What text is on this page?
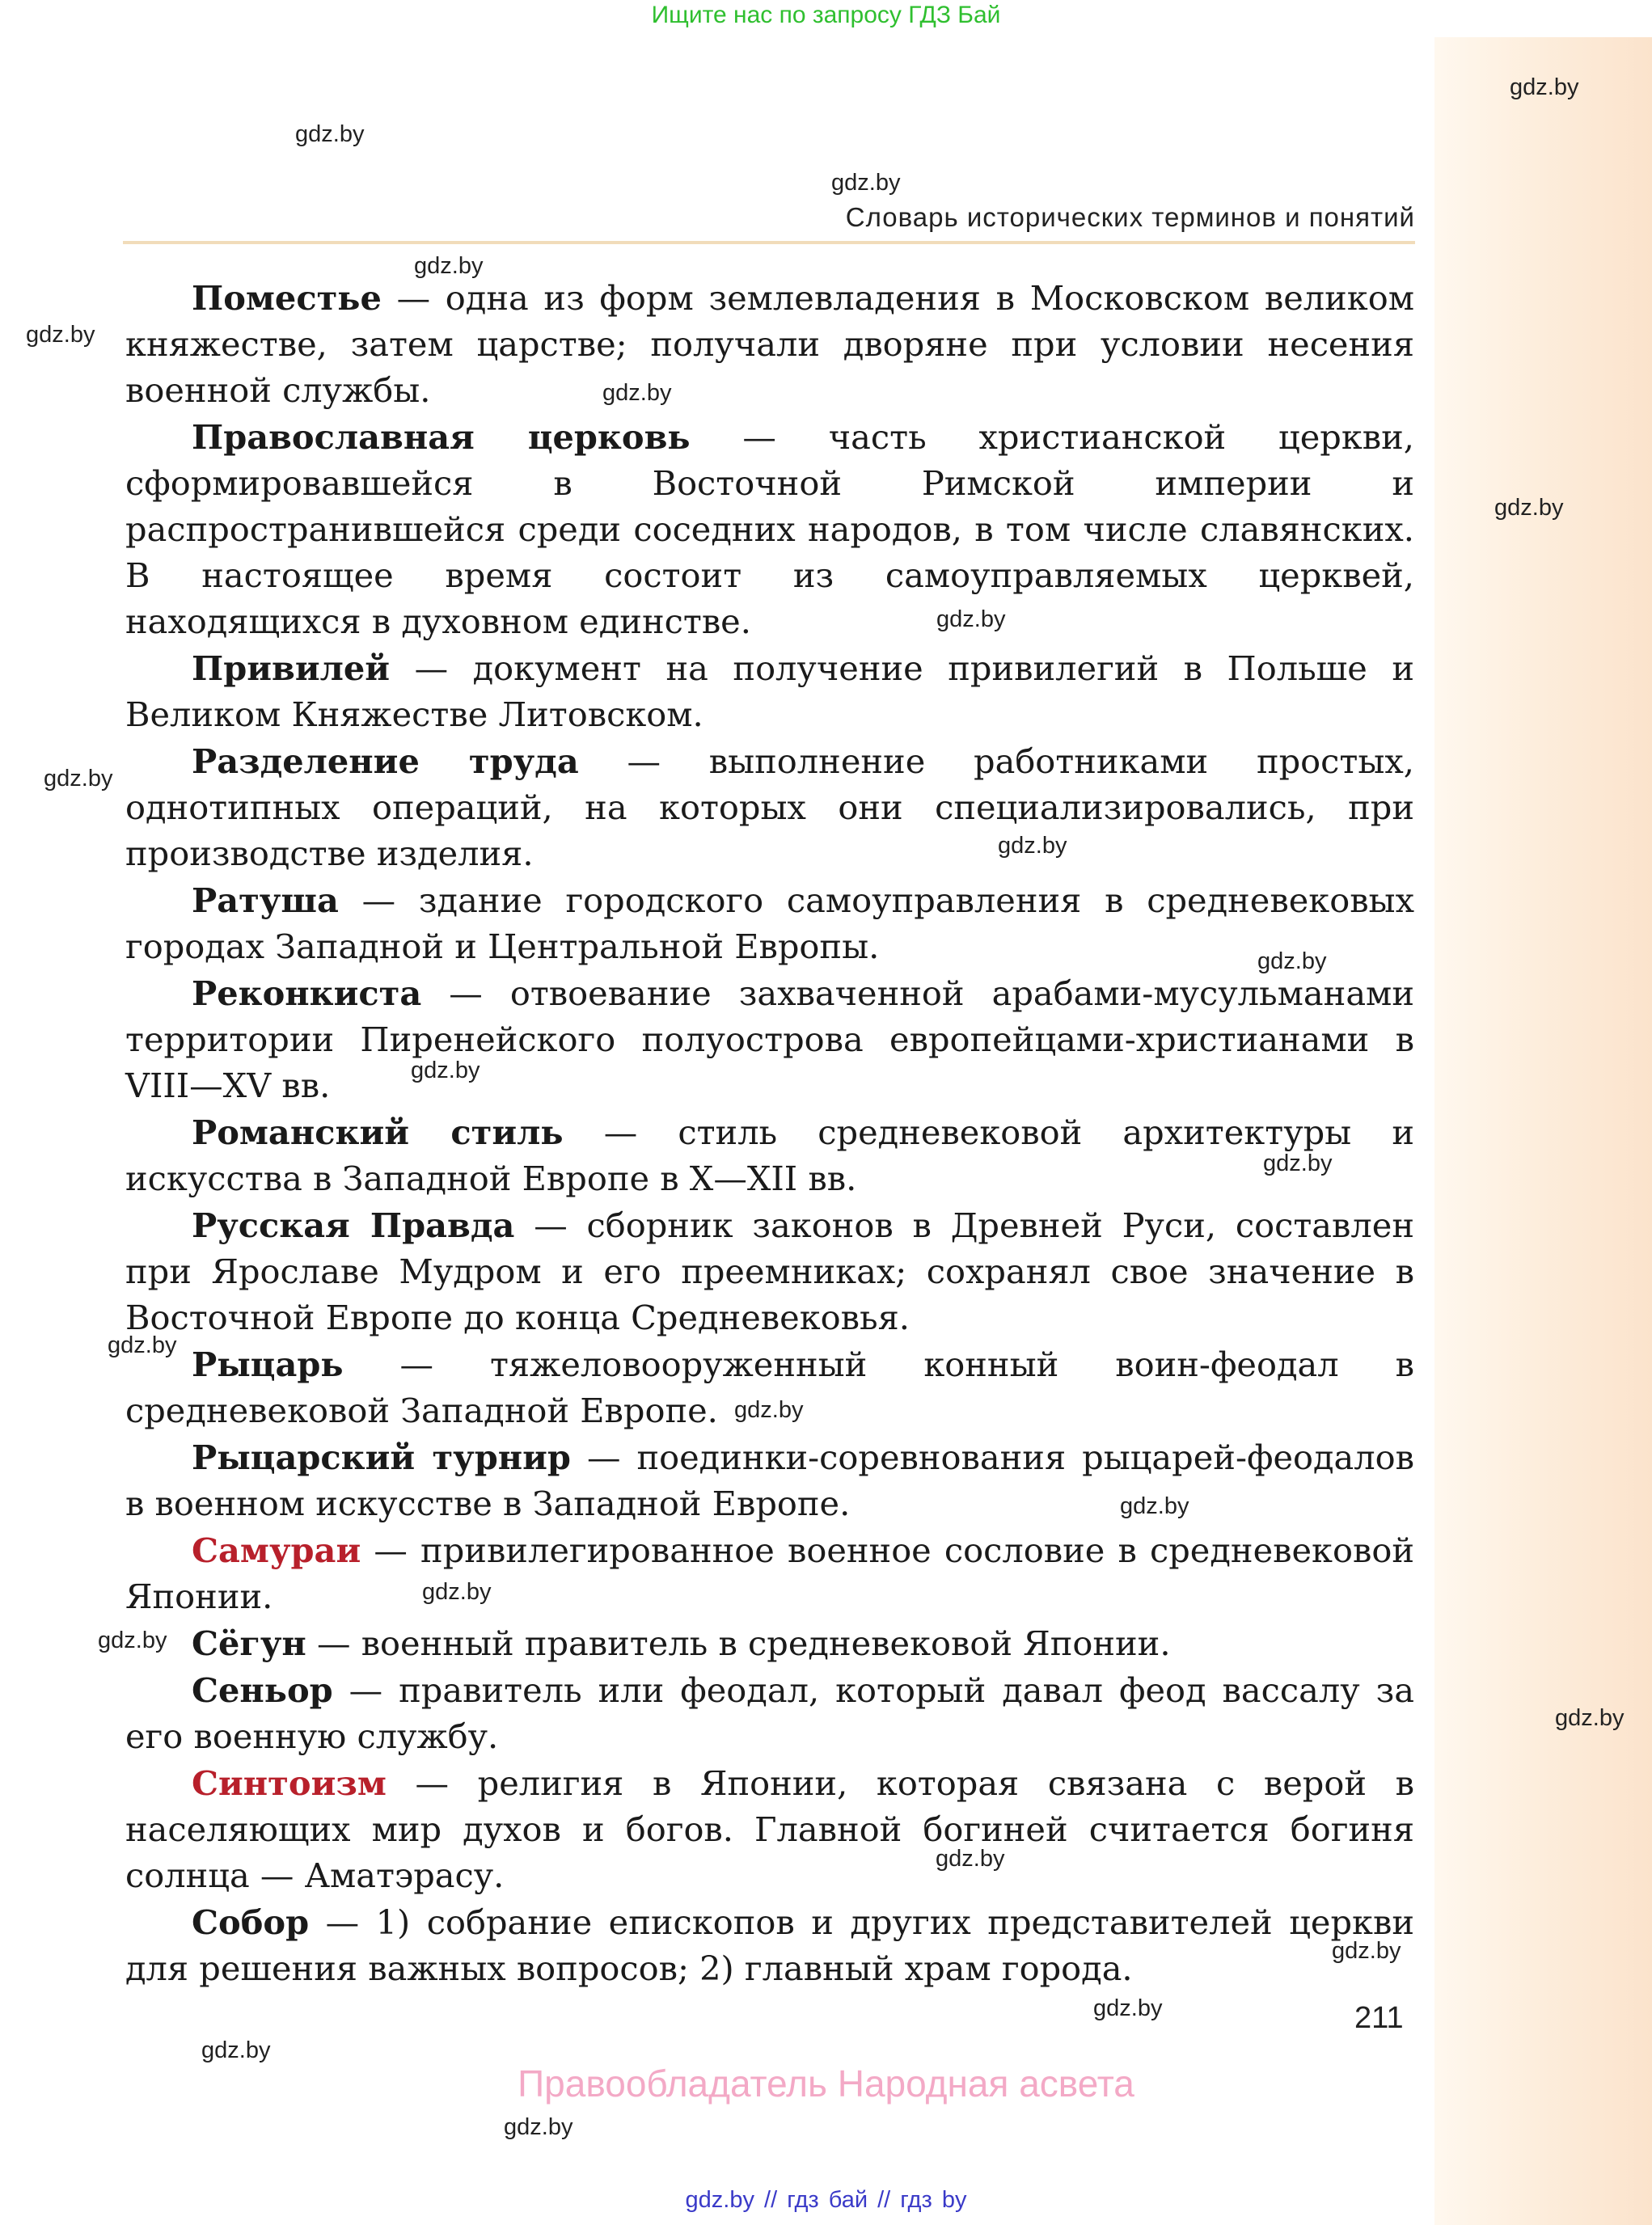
Ищите нас по запросу ГДЗ Бай
Словарь исторических терминов и понятий

Поместье — одна из форм землевладения в Московском великом княжестве, затем царстве; получали дворяне при условии несения военной службы.

Православная церковь — часть христианской церкви, сформировавшейся в Восточной Римской империи и распространившейся среди соседних народов, в том числе славянских. В настоящее время состоит из самоуправляемых церквей, находящихся в духовном единстве.

Привилей — документ на получение привилегий в Польше и Великом Княжестве Литовском.

Разделение труда — выполнение работниками простых, однотипных операций, на которых они специализировались, при производстве изделия.

Ратуша — здание городского самоуправления в средневековых городах Западной и Центральной Европы.

Реконкиста — отвоевание захваченной арабами-мусульманами территории Пиренейского полуострова европейцами-христианами в VIII—XV вв.

Романский стиль — стиль средневековой архитектуры и искусства в Западной Европе в X—XII вв.

Русская Правда — сборник законов в Древней Руси, составлен при Ярославе Мудром и его преемниках; сохранял свое значение в Восточной Европе до конца Средневековья.

Рыцарь — тяжеловооруженный конный воин-феодал в средневековой Западной Европе.

Рыцарский турнир — поединки-соревнования рыцарей-феодалов в военном искусстве в Западной Европе.

Самураи — привилегированное военное сословие в средневековой Японии.

Сёгун — военный правитель в средневековой Японии.

Сеньор — правитель или феодал, который давал феод вассалу за его военную службу.

Синтоизм — религия в Японии, которая связана с верой в населяющих мир духов и богов. Главной богиней считается богиня солнца — Аматэрасу.

Собор — 1) собрание епископов и других представителей церкви для решения важных вопросов; 2) главный храм города.

211
Правообладатель Народная асвета
gdz.by // гдз бай // гдз by
gdz.by
gdz.by
gdz.by
gdz.by
gdz.by
gdz.by
gdz.by
gdz.by
gdz.by
gdz.by
gdz.by
gdz.by
gdz.by
gdz.by
gdz.by
gdz.by
gdz.by
gdz.by
gdz.by
gdz.by
gdz.by
gdz.by
gdz.by
gdz.by
